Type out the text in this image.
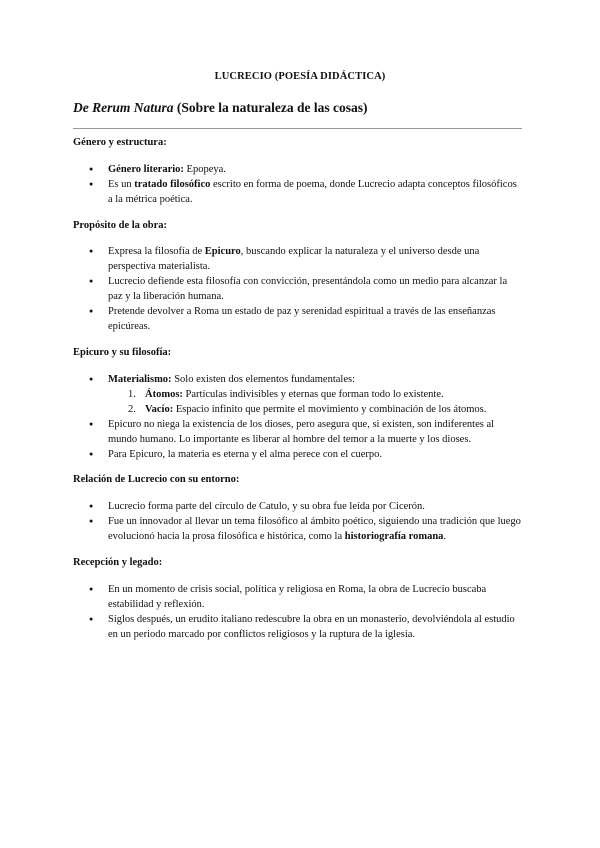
LUCRECIO (POESÍA DIDÁCTICA)
De Rerum Natura (Sobre la naturaleza de las cosas)
Género y estructura:
● Género literario: Epopeya.
● Es un tratado filosófico escrito en forma de poema, donde Lucrecio adapta conceptos filosóficos a la métrica poética.
Propósito de la obra:
● Expresa la filosofía de Epicuro, buscando explicar la naturaleza y el universo desde una perspectiva materialista.
● Lucrecio defiende esta filosofía con convicción, presentándola como un medio para alcanzar la paz y la liberación humana.
● Pretende devolver a Roma un estado de paz y serenidad espiritual a través de las enseñanzas epicúreas.
Epicuro y su filosofía:
● Materialismo: Solo existen dos elementos fundamentales:
1. Átomos: Partículas indivisibles y eternas que forman todo lo existente.
2. Vacío: Espacio infinito que permite el movimiento y combinación de los átomos.
● Epicuro no niega la existencia de los dioses, pero asegura que, si existen, son indiferentes al mundo humano. Lo importante es liberar al hombre del temor a la muerte y los dioses.
● Para Epicuro, la materia es eterna y el alma perece con el cuerpo.
Relación de Lucrecio con su entorno:
● Lucrecio forma parte del círculo de Catulo, y su obra fue leída por Cicerón.
● Fue un innovador al llevar un tema filosófico al ámbito poético, siguiendo una tradición que luego evolucionó hacia la prosa filosófica e histórica, como la historiografía romana.
Recepción y legado:
● En un momento de crisis social, política y religiosa en Roma, la obra de Lucrecio buscaba estabilidad y reflexión.
● Siglos después, un erudito italiano redescubre la obra en un monasterio, devolviéndola al estudio en un periodo marcado por conflictos religiosos y la ruptura de la iglesia.
